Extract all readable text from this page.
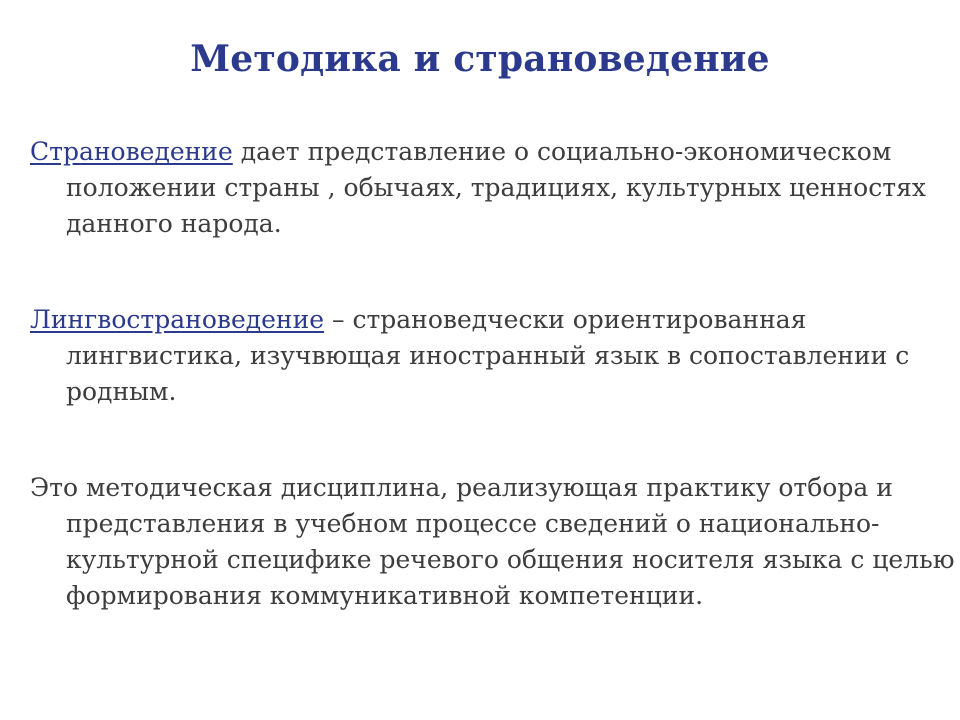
Методика и страноведение
Страноведение дает представление о социально-экономическом положении страны , обычаях, традициях, культурных ценностях данного народа.
Лингвострановедение – страноведчески ориентированная лингвистика, изучвющая иностранный язык в сопоставлении с родным.
Это методическая дисциплина, реализующая практику отбора и представления в учебном процессе сведений о национально-культурной специфике речевого общения носителя языка с целью формирования коммуникативной компетенции.
